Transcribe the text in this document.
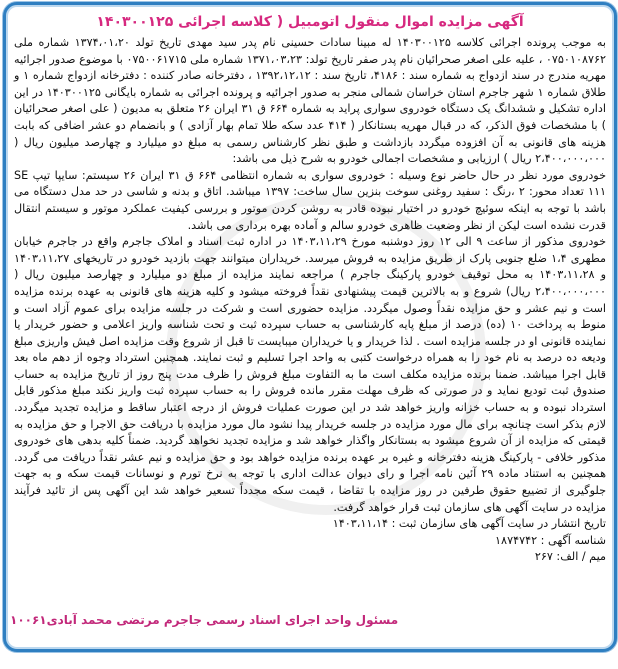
آگهی مزایده اموال منقول اتومبیل ( کلاسه اجرائی ۱۴۰۳۰۰۱۲۵

به موجب پرونده اجرائی کلاسه ۱۴۰۳۰۰۱۲۵ له مبینا سادات حسینی نام پدر سید مهدی تاریخ تولد ۱۳۷۴،۰۱،۲۰ شماره ملی ۰۷۵۰۱۰۸۷۶۲ ، علیه علی اصغر صحرائیان نام پدر صفر تاریخ تولد: ۱۳۷۱،۰۳،۲۳ شماره ملی ۰۷۵۰۰۶۱۷۱۵ با موضوع صدور اجرائیه مهریه مندرج در سند ازدواج به شماره سند : ۴۱۸۶، تاریخ سند : ۱۳۹۲،۱۲،۱۲ ، دفترخانه صادر کننده : دفترخانه ازدواج شماره ۱ و طلاق شماره ۱ شهر جاجرم استان خراسان شمالی منجر به صدور اجرائیه و پرونده اجرائی به شماره بایگانی ۱۴۰۳۰۰۱۲۵ در این اداره تشکیل و ششدانگ یک دستگاه خودروی سواری پراید به شماره ۶۶۴ ق ۳۱ ایران ۲۶ متعلق به مدیون ( علی اصغر صحرائیان ) با مشخصات فوق الذکر، که در قبال مهریه بستانکار ( ۴۱۴ عدد سکه طلا تمام بهار آزادی ) و بانضمام دو عشر اضافی که بابت هزینه های قانونی به آن افزوده میگردد بازداشت و طبق نظر کارشناس رسمی به مبلغ دو میلیارد و چهارصد میلیون ریال ( ۲،۴۰۰،۰۰۰،۰۰۰ ریال ) ارزیابی و مشخصات اجمالی خودرو به شرح ذیل می باشد:

خودروی مورد نظر در حال حاضر نوع وسیله : خودروی سواری به شماره انتظامی ۶۶۴ ق ۳۱ ایران ۲۶ سیستم: سایپا تیپ SE ۱۱۱ تعداد محور: ۲ ،رنگ : سفید روغنی سوخت بنزین سال ساخت: ۱۳۹۷ میباشد. اتاق و بدنه و شاسی در حد مدل دستگاه می باشد با توجه به اینکه سوئیچ خودرو در اختیار نبوده قادر به روشن کردن موتور و بررسی کیفیت عملکرد موتور و سیستم انتقال قدرت نشده است لیکن از نظر وضعیت ظاهری خودرو سالم و آماده بهره برداری می باشد.

خودروی مذکور از ساعت ۹ الی ۱۲ روز دوشنبه مورخ ۱۴۰۳،۱۱،۲۹ در اداره ثبت اسناد و املاک جاجرم واقع در جاجرم خیابان مطهری ۱،۴ ضلع جنوبی پارک از طریق مزایده به فروش میرسد. خریداران میتوانند جهت بازدید خودرو در تاریخهای ۱۴۰۳،۱۱،۲۷ و ۱۴۰۳،۱۱،۲۸ به محل توقیف خودرو پارکینگ جاجرم ) مراجعه نمایند مزایده از مبلغ دو میلیارد و چهارصد میلیون ریال ( ۲،۴۰۰،۰۰۰،۰۰۰ ریال) شروع و به بالاترین قیمت پیشنهادی نقداً فروخته میشود و کلیه هزینه های قانونی به عهده برنده مزایده است و نیم عشر و حق مزایده نقداً وصول میگردد. مزایده حضوری است و شرکت در جلسه مزایده برای عموم آزاد است و منوط به پرداخت ۱۰ (ده) درصد از مبلغ پایه کارشناسی به حساب سپرده ثبت و تحت شناسه واریز اعلامی و حضور خریدار یا نماینده قانونی او در جلسه مزایده است . لذا خریدار و یا خریداران میبایست تا قبل از شروع وقت مزایده اصل فیش واریزی مبلغ ودیعه ده درصد به نام خود را به همراه درخواست کتبی به واحد اجرا تسلیم و ثبت نمایند. همچنین استرداد وجوه از دهم ماه بعد قابل اجرا میباشد. ضمنا برنده مزایده مکلف است ما به التفاوت مبلغ فروش را ظرف مدت پنج روز از تاریخ مزایده به حساب صندوق ثبت تودیع نماید و در صورتی که ظرف مهلت مقرر مانده فروش را به حساب سپرده ثبت واریز نکند مبلغ مذکور قابل استرداد نبوده و به حساب خزانه واریز خواهد شد در این صورت عملیات فروش از درجه اعتبار ساقط و مزایده تجدید میگردد. لازم بذکر است چنانچه برای مال مورد مزایده در جلسه خریدار پیدا نشود مال مورد مزایده با دریافت حق الاجرا و حق مزایده به قیمتی که مزایده از آن شروع میشود به بستانکار واگذار خواهد شد و مزایده تجدید نخواهد گردید. ضمناً کلیه بدهی های خودروی مذکور خلافی - پارکینگ هزینه دفترخانه و غیره بر عهده برنده مزایده خواهد بود و حق مزایده و نیم عشر نقداً دریافت می گردد. همچنین به استناد ماده ۲۹ آئین نامه اجرا و رای دیوان عدالت اداری با توجه به نرخ تورم و نوسانات قیمت سکه و به جهت جلوگیری از تضییع حقوق طرفین در روز مزایده با تقاضا ، قیمت سکه مجدداً تسعیر خواهد شد این آگهی پس از تائید فرآیند مزایده در سایت آگهی های سازمان ثبت قرار خواهد گرفت.

تاریخ انتشار در سایت آگهی های سازمان ثبت : ۱۴۰۳،۱۱،۱۴

شناسه آگهی : ۱۸۷۴۷۴۲

میم / الف: ۲۶۷

مسئول واحد اجرای اسناد رسمی جاجرم مرتضی محمد آبادی۱۰۰۶۱
